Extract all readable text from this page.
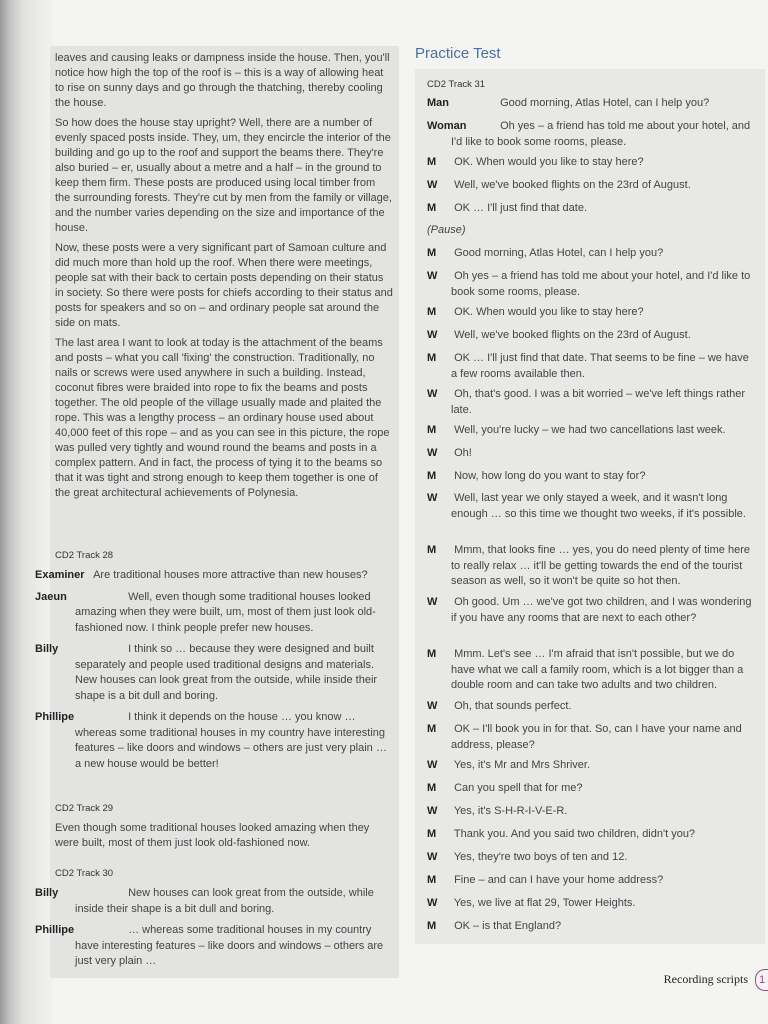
leaves and causing leaks or dampness inside the house. Then, you'll notice how high the top of the roof is – this is a way of allowing heat to rise on sunny days and go through the thatching, thereby cooling the house.

So how does the house stay upright? Well, there are a number of evenly spaced posts inside. They, um, they encircle the interior of the building and go up to the roof and support the beams there. They're also buried – er, usually about a metre and a half – in the ground to keep them firm. These posts are produced using local timber from the surrounding forests. They're cut by men from the family or village, and the number varies depending on the size and importance of the house.

Now, these posts were a very significant part of Samoan culture and did much more than hold up the roof. When there were meetings, people sat with their back to certain posts depending on their status in society. So there were posts for chiefs according to their status and posts for speakers and so on – and ordinary people sat around the side on mats.

The last area I want to look at today is the attachment of the beams and posts – what you call 'fixing' the construction. Traditionally, no nails or screws were used anywhere in such a building. Instead, coconut fibres were braided into rope to fix the beams and posts together. The old people of the village usually made and plaited the rope. This was a lengthy process – an ordinary house used about 40,000 feet of this rope – and as you can see in this picture, the rope was pulled very tightly and wound round the beams and posts in a complex pattern. And in fact, the process of tying it to the beams so that it was tight and strong enough to keep them together is one of the great architectural achievements of Polynesia.

CD2 Track 28

Examiner Are traditional houses more attractive than new houses?

Jaeun	Well, even though some traditional houses looked amazing when they were built, um, most of them just look old-fashioned now. I think people prefer new houses.

Billy	I think so … because they were designed and built separately and people used traditional designs and materials. New houses can look great from the outside, while inside their shape is a bit dull and boring.

Phillipe	I think it depends on the house … you know … whereas some traditional houses in my country have interesting features – like doors and windows – others are just very plain … a new house would be better!

CD2 Track 29

Even though some traditional houses looked amazing when they were built, most of them just look old-fashioned now.

CD2 Track 30

Billy	New houses can look great from the outside, while inside their shape is a bit dull and boring.

Phillipe	… whereas some traditional houses in my country have interesting features – like doors and windows – others are just very plain …

Practice Test
CD2 Track 31
Man	Good morning, Atlas Hotel, can I help you?
Woman	Oh yes – a friend has told me about your hotel, and I'd like to book some rooms, please.
M OK. When would you like to stay here?
W Well, we've booked flights on the 23rd of August.
M OK … I'll just find that date.
(Pause)
M Good morning, Atlas Hotel, can I help you?
W Oh yes – a friend has told me about your hotel, and I'd like to book some rooms, please.
M OK. When would you like to stay here?
W Well, we've booked flights on the 23rd of August.
M OK … I'll just find that date. That seems to be fine – we have a few rooms available then.
W Oh, that's good. I was a bit worried – we've left things rather late.
M Well, you're lucky – we had two cancellations last week.
W Oh!
M Now, how long do you want to stay for?
W Well, last year we only stayed a week, and it wasn't long enough … so this time we thought two weeks, if it's possible.
M Mmm, that looks fine … yes, you do need plenty of time here to really relax … it'll be getting towards the end of the tourist season as well, so it won't be quite so hot then.
W Oh good. Um … we've got two children, and I was wondering if you have any rooms that are next to each other?
M Mmm. Let's see … I'm afraid that isn't possible, but we do have what we call a family room, which is a lot bigger than a double room and can take two adults and two children.
W Oh, that sounds perfect.
M OK – I'll book you in for that. So, can I have your name and address, please?
W Yes, it's Mr and Mrs Shriver.
M Can you spell that for me?
W Yes, it's S-H-R-I-V-E-R.
M Thank you. And you said two children, didn't you?
W Yes, they're two boys of ten and 12.
M Fine – and can I have your home address?
W Yes, we live at flat 29, Tower Heights.
M OK – is that England?
Recording scripts 1
